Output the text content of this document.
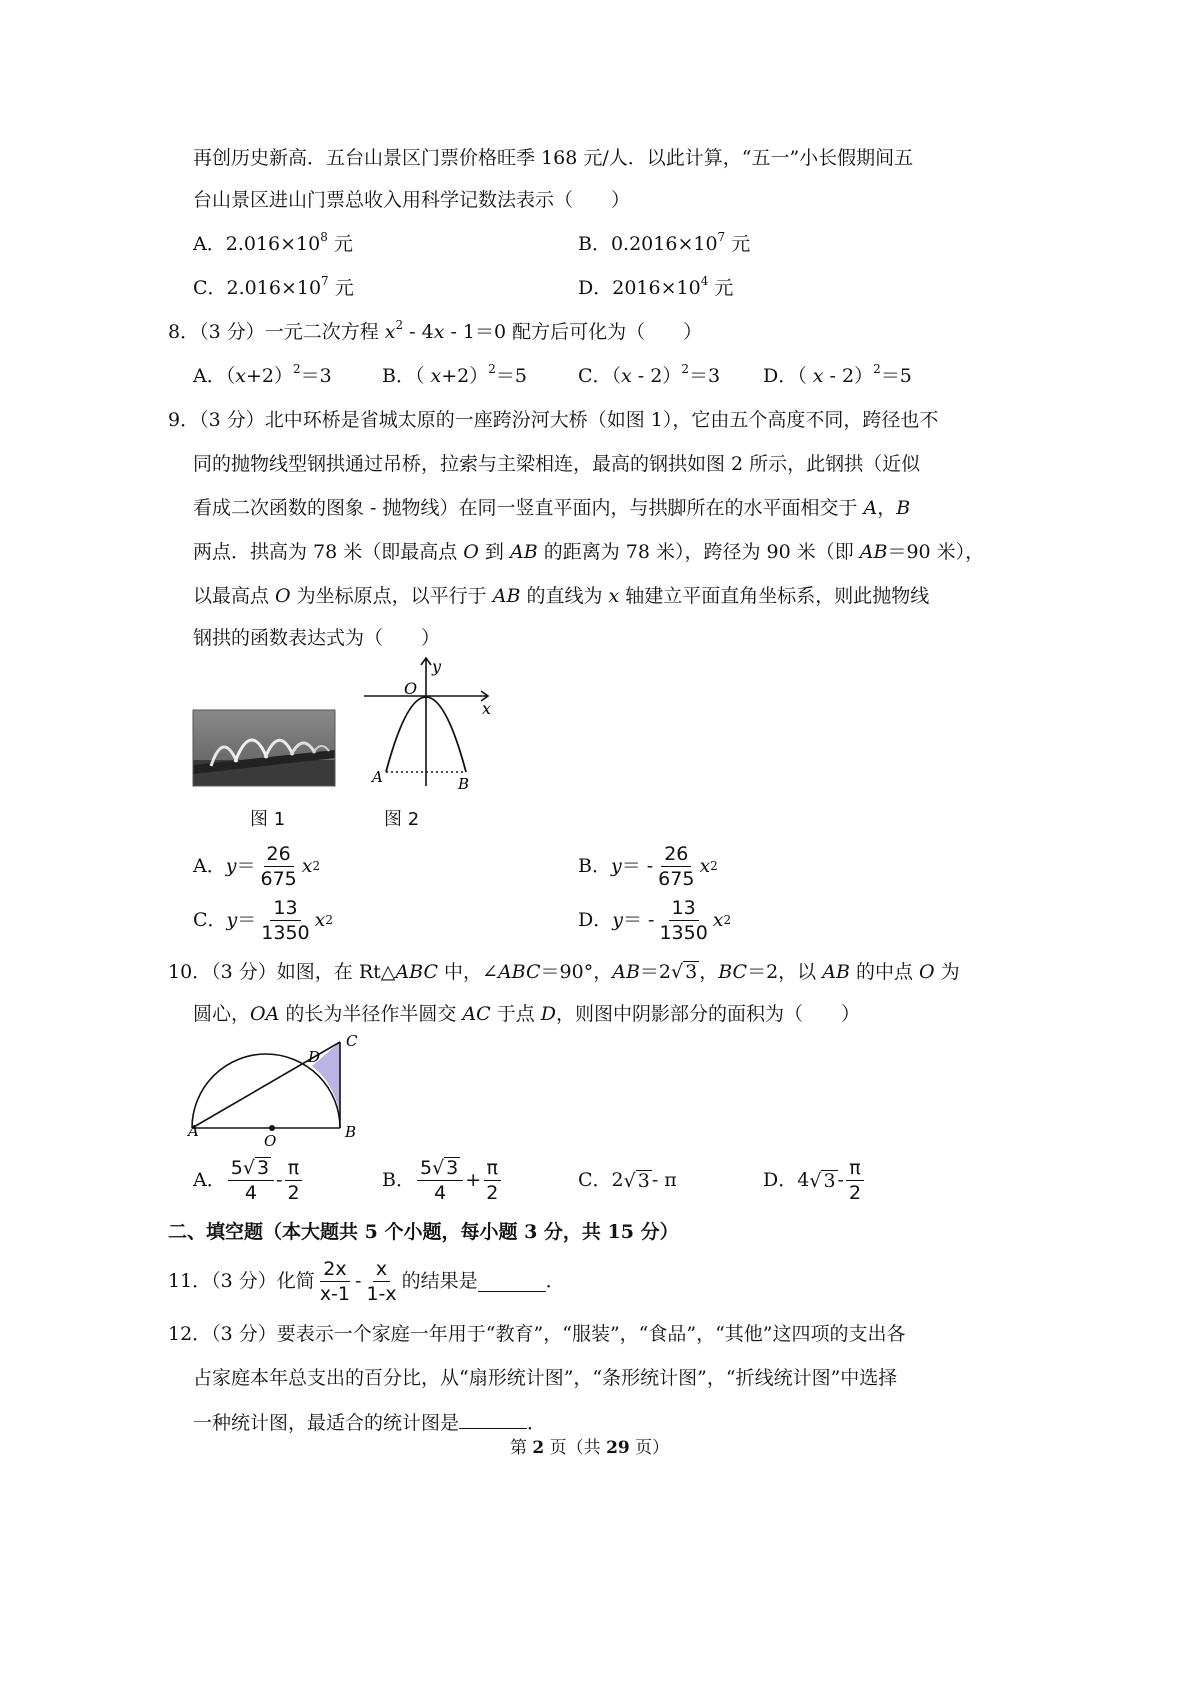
再创历史新高．五台山景区门票价格旺季 168 元/人．以此计算，“五一”小长假期间五
台山景区进山门票总收入用科学记数法表示（　　）
A．$2.016\times 10^8$ 元	B．$0.2016\times 10^7$ 元
C．$2.016\times 10^7$ 元	D．$2016\times 10^4$ 元
8．（3 分）一元二次方程 $x^2 - 4x - 1=0$ 配方后可化为（　　）
A．$(x+2)^2=3$	B．（ x+2）$^2$＝5	C．（x - 2）$^2$＝3 D．（ x - 2）$^2$＝5
9．（3 分）北中环桥是省城太原的一座跨汾河大桥（如图 1），它由五个高度不同，跨径也不
同的抛物线型钢拱通过吊桥，拉索与主梁相连，最高的钢拱如图 2 所示，此钢拱（近似
看成二次函数的图象 - 抛物线）在同一竖直平面内，与拱脚所在的水平面相交于 A，B
两点．拱高为 78 米（即最高点 O 到 AB 的距离为 78 米），跨径为 90 米（即 AB＝90 米），
以最高点 O 为坐标原点，以平行于 AB 的直线为 x 轴建立平面直角坐标系，则此抛物线
钢拱的函数表达式为（　　）
图 1
y
x
O
A	B
图 2
A． $y = \frac{26}{675}$ x 2	B． y ＝ - $\frac{26}{675}$ x 2
C． $y = \frac{13}{1350}$ x 2	D． y ＝ - $\frac{13}{1350}$ x 2
10．（3 分）如图，在 Rt△ABC 中，∠ABC＝90°，AB＝2 √ 3 ，BC＝2，以 AB 的中点 O 为
圆心，OA 的长为半径作半圆交 AC 于点 D，则图中阴影部分的面积为（　　）
A	B
C
D
O
A． $\frac{5 √ 3}{4} - \frac{\pi}{2}$	B． $\frac{5 √ 3}{4} + \frac{\pi}{2}$	C． 2 √ 3 - π	D． 4 √ $3 - \frac{\pi}{2}$
二、填空题（本大题共 5 个小题，每小题 3 分，共 15 分）
11．（3 分）化简 $\frac{2x}{x-1} - \frac{x}{1-x}$ 的结果是	．
12．（3 分）要表示一个家庭一年用于“教育”，“服装”，“食品”，“其他”这四项的支出各
占家庭本年总支出的百分比，从“扇形统计图”，“条形统计图”，“折线统计图”中选择
一种统计图，最适合的统计图是	．
第 2 页（共 29 页）
